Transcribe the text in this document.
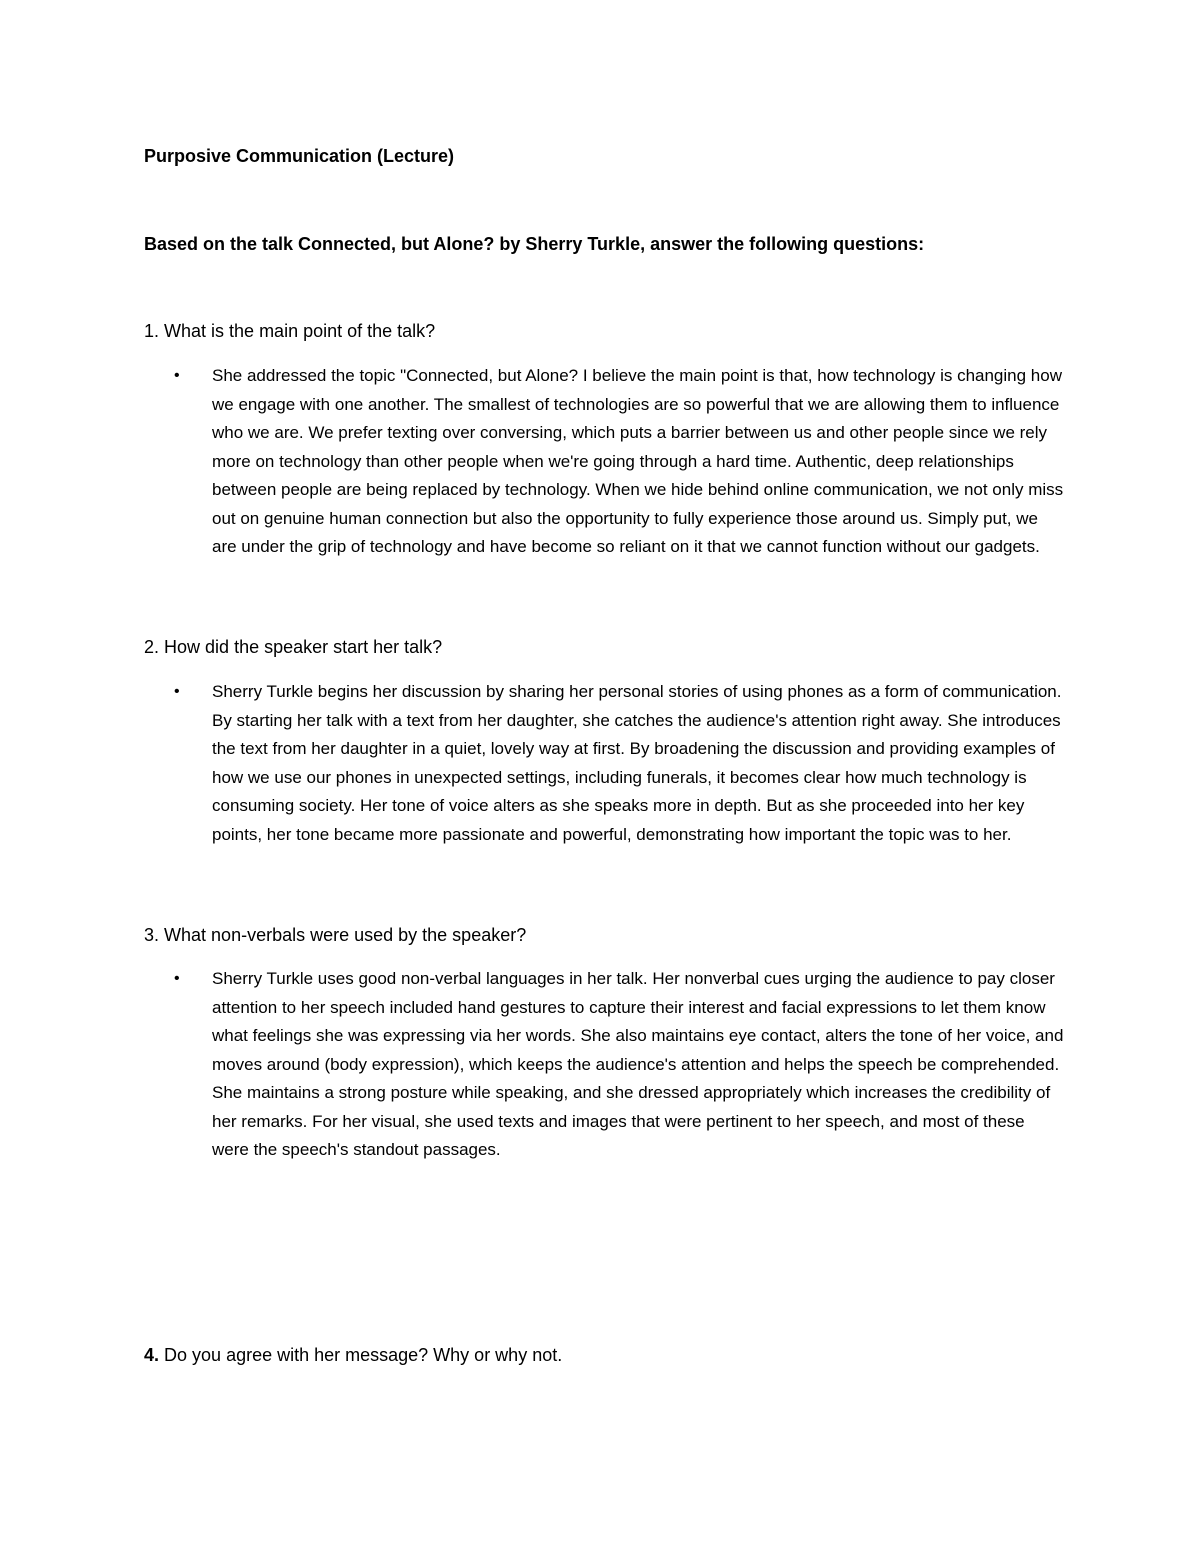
Purposive Communication (Lecture)
Based on the talk Connected, but Alone? by Sherry Turkle, answer the following questions:
1. What is the main point of the talk?
• She addressed the topic "Connected, but Alone? I believe the main point is that, how technology is changing how we engage with one another. The smallest of technologies are so powerful that we are allowing them to influence who we are. We prefer texting over conversing, which puts a barrier between us and other people since we rely more on technology than other people when we're going through a hard time. Authentic, deep relationships between people are being replaced by technology. When we hide behind online communication, we not only miss out on genuine human connection but also the opportunity to fully experience those around us. Simply put, we are under the grip of technology and have become so reliant on it that we cannot function without our gadgets.

2. How did the speaker start her talk?
• Sherry Turkle begins her discussion by sharing her personal stories of using phones as a form of communication. By starting her talk with a text from her daughter, she catches the audience's attention right away. She introduces the text from her daughter in a quiet, lovely way at first. By broadening the discussion and providing examples of how we use our phones in unexpected settings, including funerals, it becomes clear how much technology is consuming society. Her tone of voice alters as she speaks more in depth. But as she proceeded into her key points, her tone became more passionate and powerful, demonstrating how important the topic was to her.

3. What non-verbals were used by the speaker?
• Sherry Turkle uses good non-verbal languages in her talk. Her nonverbal cues urging the audience to pay closer attention to her speech included hand gestures to capture their interest and facial expressions to let them know what feelings she was expressing via her words. She also maintains eye contact, alters the tone of her voice, and moves around (body expression), which keeps the audience's attention and helps the speech be comprehended. She maintains a strong posture while speaking, and she dressed appropriately which increases the credibility of her remarks. For her visual, she used texts and images that were pertinent to her speech, and most of these were the speech's standout passages.

4. Do you agree with her message? Why or why not.
